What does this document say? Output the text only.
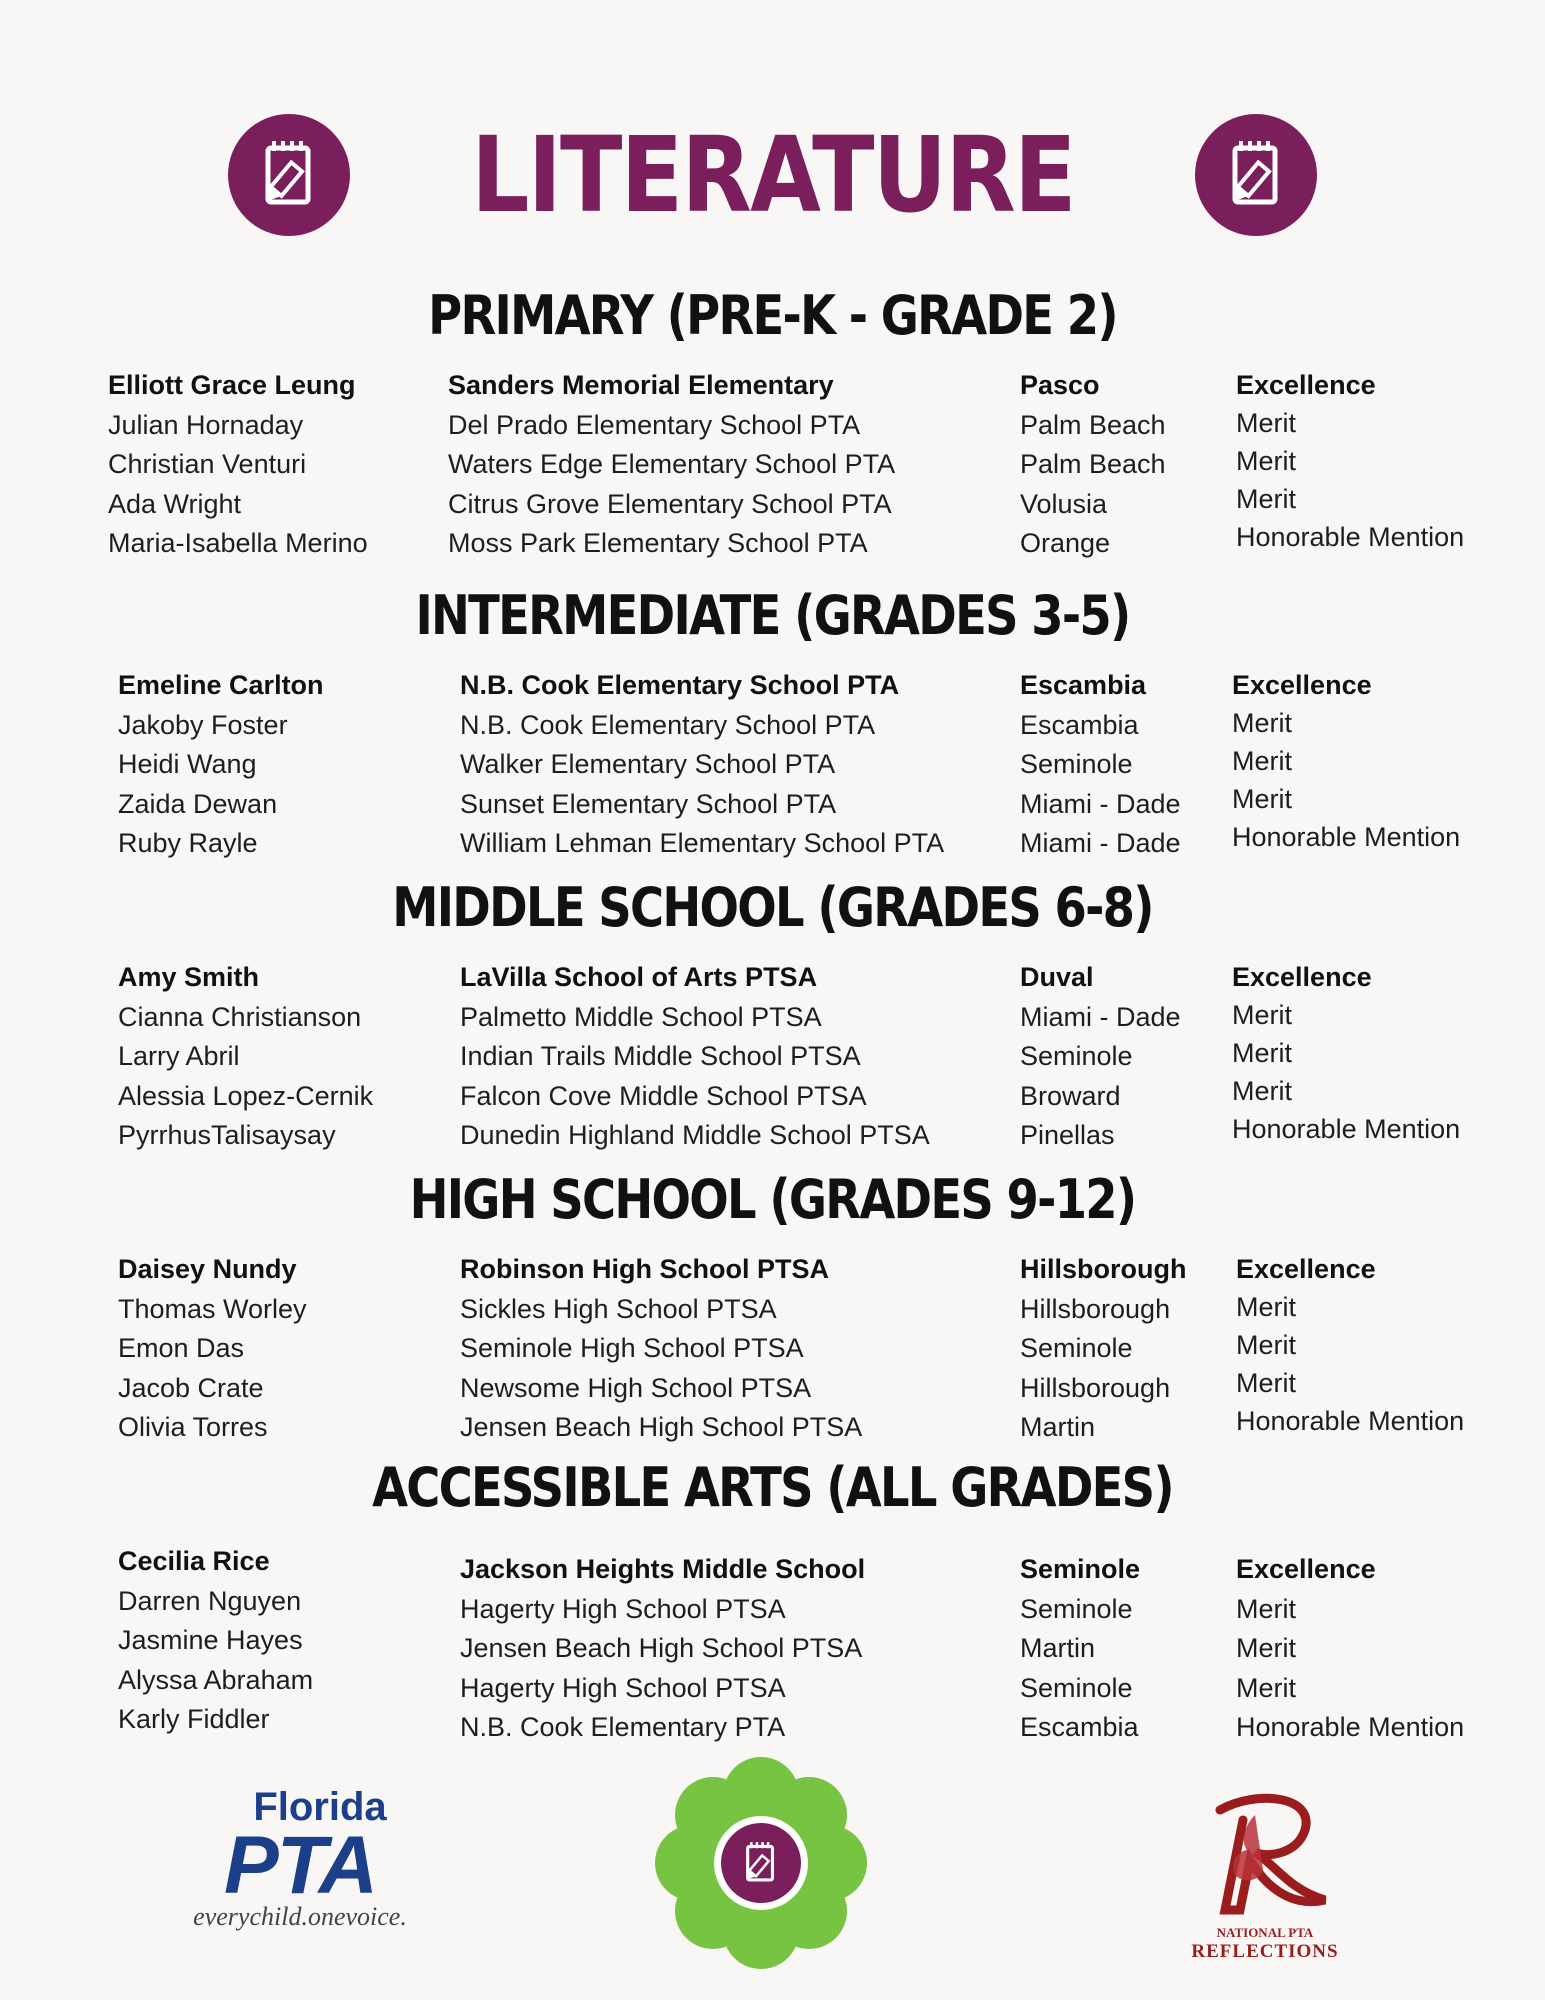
LITERATURE
PRIMARY (PRE-K - GRADE 2)
Elliott Grace Leung
Julian Hornaday
Christian Venturi
Ada Wright
Maria-Isabella Merino
Sanders Memorial Elementary
Del Prado Elementary School PTA
Waters Edge Elementary School PTA
Citrus Grove Elementary School PTA
Moss Park Elementary School PTA
Pasco
Palm Beach
Palm Beach
Volusia
Orange
Excellence
Merit
Merit
Merit
Honorable Mention
INTERMEDIATE (GRADES 3-5)
Emeline Carlton
Jakoby Foster
Heidi Wang
Zaida Dewan
Ruby Rayle
N.B. Cook Elementary School PTA
N.B. Cook Elementary School PTA
Walker Elementary School PTA
Sunset Elementary School PTA
William Lehman Elementary School PTA
Escambia
Escambia
Seminole
Miami - Dade
Miami - Dade
Excellence
Merit
Merit
Merit
Honorable Mention
MIDDLE SCHOOL (GRADES 6-8)
Amy Smith
Cianna Christianson
Larry Abril
Alessia Lopez-Cernik
PyrrhusTalisaysay
LaVilla School of Arts PTSA
Palmetto Middle School PTSA
Indian Trails Middle School PTSA
Falcon Cove Middle School PTSA
Dunedin Highland Middle School PTSA
Duval
Miami - Dade
Seminole
Broward
Pinellas
Excellence
Merit
Merit
Merit
Honorable Mention
HIGH SCHOOL (GRADES 9-12)
Daisey Nundy
Thomas Worley
Emon Das
Jacob Crate
Olivia Torres
Robinson High School PTSA
Sickles High School PTSA
Seminole High School PTSA
Newsome High School PTSA
Jensen Beach High School PTSA
Hillsborough
Hillsborough
Seminole
Hillsborough
Martin
Excellence
Merit
Merit
Merit
Honorable Mention
ACCESSIBLE ARTS (ALL GRADES)
Cecilia Rice
Darren Nguyen
Jasmine Hayes
Alyssa Abraham
Karly Fiddler
Jackson Heights Middle School
Hagerty High School PTSA
Jensen Beach High School PTSA
Hagerty High School PTSA
N.B. Cook Elementary PTA
Seminole
Seminole
Martin
Seminole
Escambia
Excellence
Merit
Merit
Merit
Honorable Mention
Florida
PTA
everychild.onevoice.
NATIONAL PTA
REFLECTIONS
